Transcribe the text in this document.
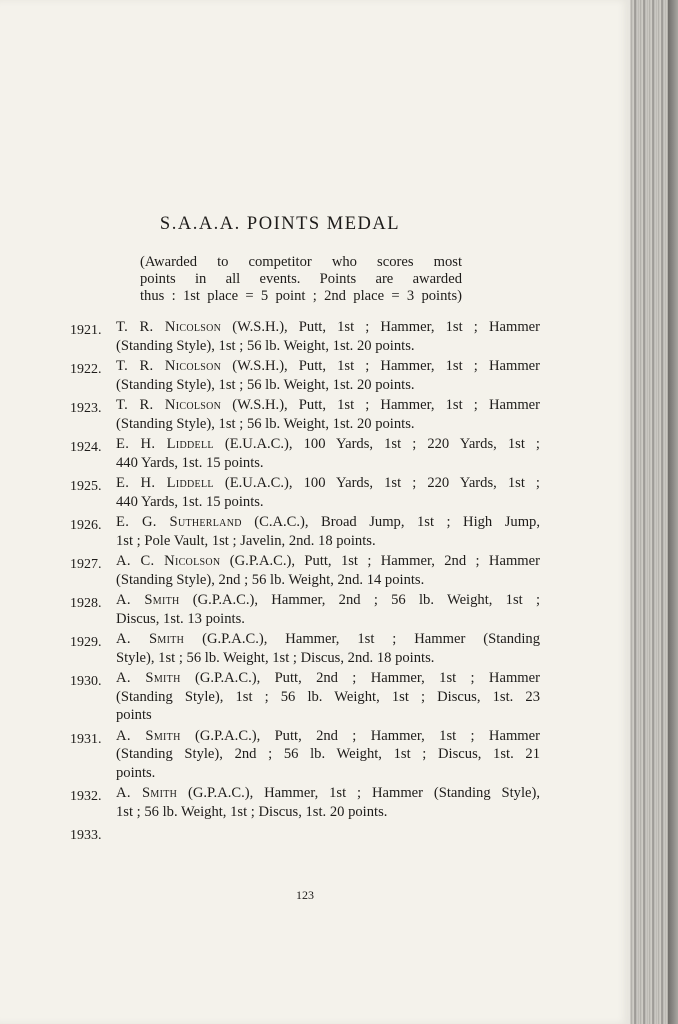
S.A.A.A. POINTS MEDAL
(Awarded to competitor who scores most
points in all events. Points are awarded
thus : 1st place = 5 point ; 2nd place = 3 points)
1921. T. R. Nicolson (W.S.H.), Putt, 1st ; Hammer, 1st ; Hammer
(Standing Style), 1st ; 56 lb. Weight, 1st. 20 points.
1922. T. R. Nicolson (W.S.H.), Putt, 1st ; Hammer, 1st ; Hammer
(Standing Style), 1st ; 56 lb. Weight, 1st. 20 points.
1923. T. R. Nicolson (W.S.H.), Putt, 1st ; Hammer, 1st ; Hammer
(Standing Style), 1st ; 56 lb. Weight, 1st. 20 points.
1924. E. H. Liddell (E.U.A.C.), 100 Yards, 1st ; 220 Yards, 1st ;
440 Yards, 1st. 15 points.
1925. E. H. Liddell (E.U.A.C.), 100 Yards, 1st ; 220 Yards, 1st ;
440 Yards, 1st. 15 points.
1926. E. G. Sutherland (C.A.C.), Broad Jump, 1st ; High Jump,
1st ; Pole Vault, 1st ; Javelin, 2nd. 18 points.
1927. A. C. Nicolson (G.P.A.C.), Putt, 1st ; Hammer, 2nd ; Hammer
(Standing Style), 2nd ; 56 lb. Weight, 2nd. 14 points.
1928. A. Smith (G.P.A.C.), Hammer, 2nd ; 56 lb. Weight, 1st ;
Discus, 1st. 13 points.
1929. A. Smith (G.P.A.C.), Hammer, 1st ; Hammer (Standing
Style), 1st ; 56 lb. Weight, 1st ; Discus, 2nd. 18 points.
1930. A. Smith (G.P.A.C.), Putt, 2nd ; Hammer, 1st ; Hammer
(Standing Style), 1st ; 56 lb. Weight, 1st ; Discus, 1st. 23
points
1931. A. Smith (G.P.A.C.), Putt, 2nd ; Hammer, 1st ; Hammer
(Standing Style), 2nd ; 56 lb. Weight, 1st ; Discus, 1st. 21
points.
1932. A. Smith (G.P.A.C.), Hammer, 1st ; Hammer (Standing Style),
1st ; 56 lb. Weight, 1st ; Discus, 1st. 20 points.
1933.
123
